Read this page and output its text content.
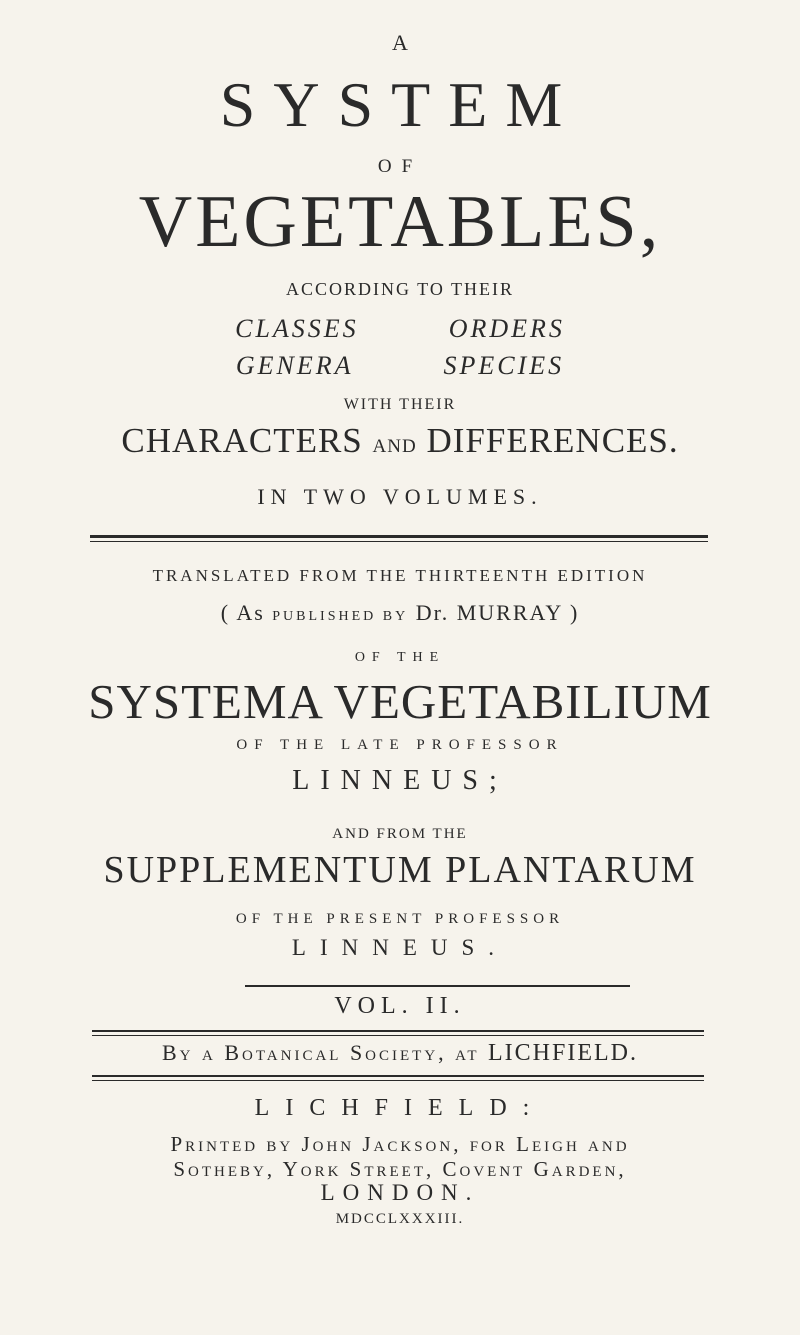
A
SYSTEM
OF
VEGETABLES,
ACCORDING TO THEIR
CLASSES	ORDERS
GENERA	SPECIES
WITH THEIR
CHARACTERS and DIFFERENCES.
IN TWO VOLUMES.
TRANSLATED FROM THE THIRTEENTH EDITION
( As PUBLISHED BY Dr. MURRAY )
OF THE
SYSTEMA VEGETABILIUM
OF THE LATE PROFESSOR
LINNEUS;
AND FROM THE
SUPPLEMENTUM PLANTARUM
OF THE PRESENT PROFESSOR
LINNEUS.
VOL. II.
By a Botanical Society, at LICHFIELD.
LICHFIELD:
Printed by John Jackson, for Leigh and
Sotheby, York Street, Covent Garden,
LONDON.
MDCCLXXXIII.
